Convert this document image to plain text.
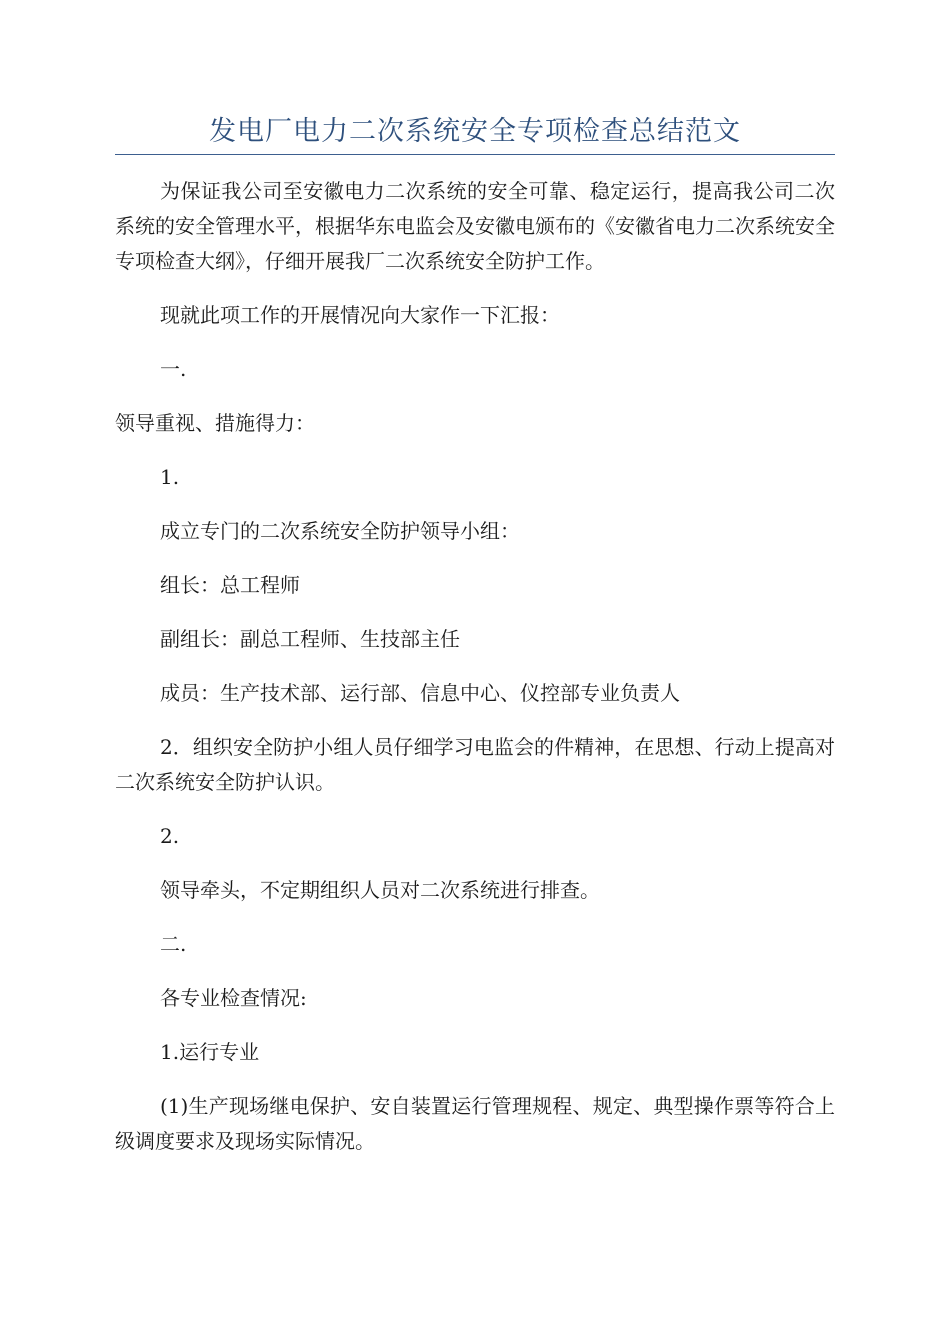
发电厂电力二次系统安全专项检查总结范文

为保证我公司至安徽电力二次系统的安全可靠、稳定运行，提高我公司二次系统的安全管理水平，根据华东电监会及安徽电颁布的《安徽省电力二次系统安全专项检查大纲》，仔细开展我厂二次系统安全防护工作。

现就此项工作的开展情况向大家作一下汇报：

一.

领导重视、措施得力：

1.

成立专门的二次系统安全防护领导小组：

组长：总工程师

副组长：副总工程师、生技部主任

成员：生产技术部、运行部、信息中心、仪控部专业负责人

2．组织安全防护小组人员仔细学习电监会的件精神，在思想、行动上提高对二次系统安全防护认识。

2.

领导牵头，不定期组织人员对二次系统进行排查。

二.

各专业检查情况:

1.运行专业

(1)生产现场继电保护、安自装置运行管理规程、规定、典型操作票等符合上级调度要求及现场实际情况。
